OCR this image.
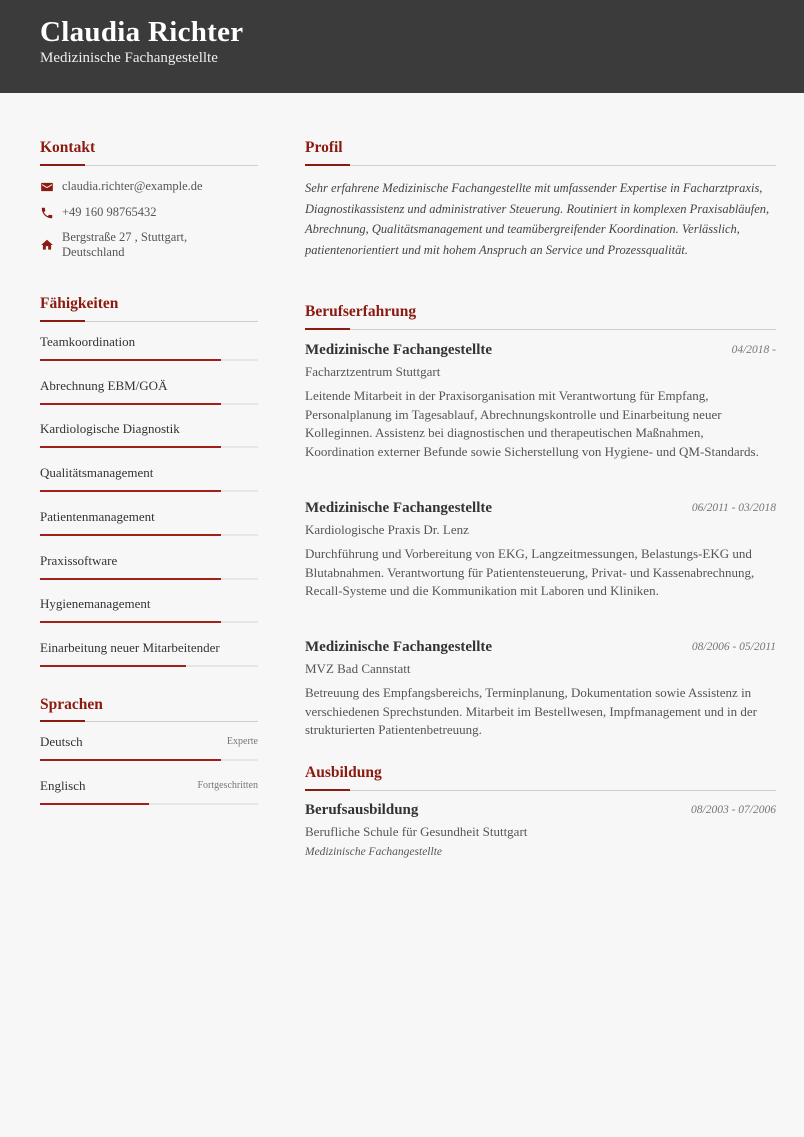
Claudia Richter
Medizinische Fachangestellte
Kontakt
claudia.richter@example.de
+49 160 98765432
Bergstraße 27 , Stuttgart, Deutschland
Fähigkeiten
Teamkoordination
Abrechnung EBM/GOÄ
Kardiologische Diagnostik
Qualitätsmanagement
Patientenmanagement
Praxissoftware
Hygienemanagement
Einarbeitung neuer Mitarbeitender
Sprachen
Deutsch	Experte
Englisch	Fortgeschritten
Profil
Sehr erfahrene Medizinische Fachangestellte mit umfassender Expertise in Facharztpraxis, Diagnostikassistenz und administrativer Steuerung. Routiniert in komplexen Praxisabläufen, Abrechnung, Qualitätsmanagement und teamübergreifender Koordination. Verlässlich, patientenorientiert und mit hohem Anspruch an Service und Prozessqualität.
Berufserfahrung
Medizinische Fachangestellte	04/2018 -
Facharztzentrum Stuttgart
Leitende Mitarbeit in der Praxisorganisation mit Verantwortung für Empfang, Personalplanung im Tagesablauf, Abrechnungskontrolle und Einarbeitung neuer Kolleginnen. Assistenz bei diagnostischen und therapeutischen Maßnahmen, Koordination externer Befunde sowie Sicherstellung von Hygiene- und QM-Standards.
Medizinische Fachangestellte	06/2011 - 03/2018
Kardiologische Praxis Dr. Lenz
Durchführung und Vorbereitung von EKG, Langzeitmessungen, Belastungs-EKG und Blutabnahmen. Verantwortung für Patientensteuerung, Privat- und Kassenabrechnung, Recall-Systeme und die Kommunikation mit Laboren und Kliniken.
Medizinische Fachangestellte	08/2006 - 05/2011
MVZ Bad Cannstatt
Betreuung des Empfangsbereichs, Terminplanung, Dokumentation sowie Assistenz in verschiedenen Sprechstunden. Mitarbeit im Bestellwesen, Impfmanagement und in der strukturierten Patientenbetreuung.
Ausbildung
Berufsausbildung	08/2003 - 07/2006
Berufliche Schule für Gesundheit Stuttgart
Medizinische Fachangestellte
